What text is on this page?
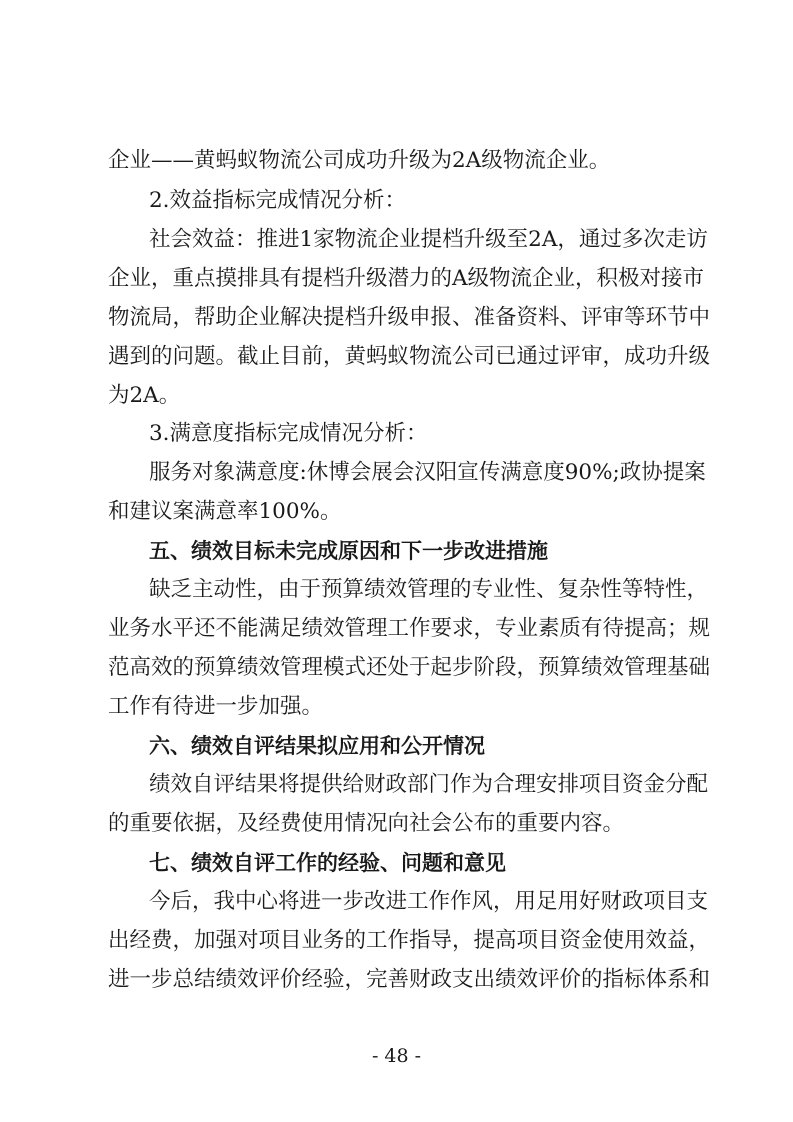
企业——黄蚂蚁物流公司成功升级为2A级物流企业。
2.效益指标完成情况分析：
社会效益：推进1家物流企业提档升级至2A，通过多次走访
企业，重点摸排具有提档升级潜力的A级物流企业，积极对接市
物流局，帮助企业解决提档升级申报、准备资料、评审等环节中
遇到的问题。截止目前，黄蚂蚁物流公司已通过评审，成功升级
为2A。
3.满意度指标完成情况分析：
服务对象满意度:休博会展会汉阳宣传满意度90%;政协提案
和建议案满意率100%。
五、绩效目标未完成原因和下一步改进措施
缺乏主动性，由于预算绩效管理的专业性、复杂性等特性，
业务水平还不能满足绩效管理工作要求，专业素质有待提高；规
范高效的预算绩效管理模式还处于起步阶段，预算绩效管理基础
工作有待进一步加强。
六、绩效自评结果拟应用和公开情况
绩效自评结果将提供给财政部门作为合理安排项目资金分配
的重要依据，及经费使用情况向社会公布的重要内容。
七、绩效自评工作的经验、问题和意见
今后，我中心将进一步改进工作作风，用足用好财政项目支
出经费，加强对项目业务的工作指导，提高项目资金使用效益，
进一步总结绩效评价经验，完善财政支出绩效评价的指标体系和
- 48 -
